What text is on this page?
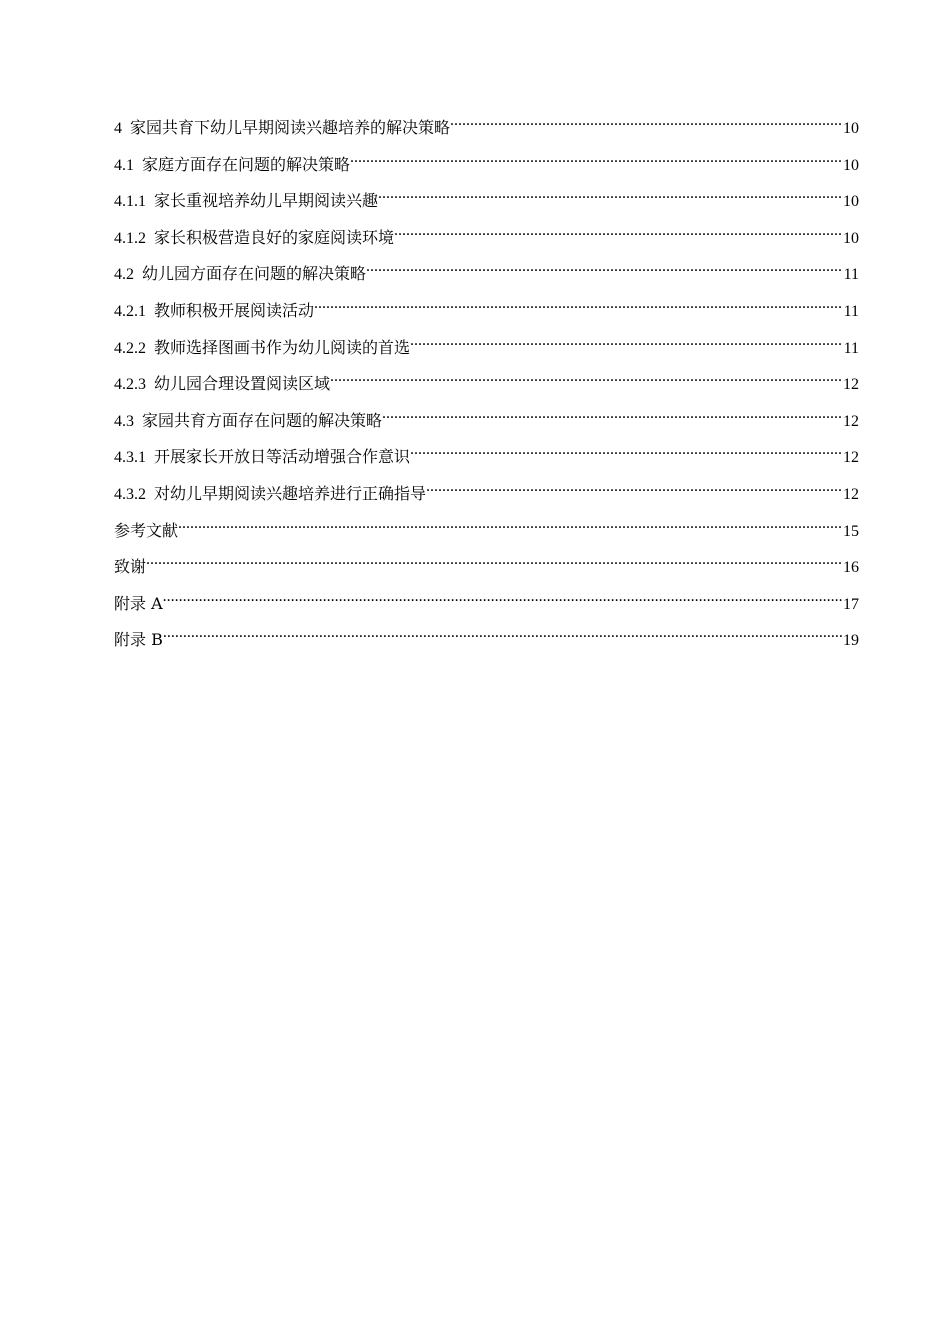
4 家园共育下幼儿早期阅读兴趣培养的解决策略 .....	10
4.1 家庭方面存在问题的解决策略 .....	10
4.1.1 家长重视培养幼儿早期阅读兴趣 .....	10
4.1.2 家长积极营造良好的家庭阅读环境 .....	10
4.2 幼儿园方面存在问题的解决策略 .....	11
4.2.1 教师积极开展阅读活动 .....	11
4.2.2 教师选择图画书作为幼儿阅读的首选 .....	11
4.2.3 幼儿园合理设置阅读区域 .....	12
4.3 家园共育方面存在问题的解决策略 .....	12
4.3.1 开展家长开放日等活动增强合作意识 .....	12
4.3.2 对幼儿早期阅读兴趣培养进行正确指导 .....	12
参考文献 .....	15
致谢 .....	16
附录 A .....	17
附录 B .....	19
